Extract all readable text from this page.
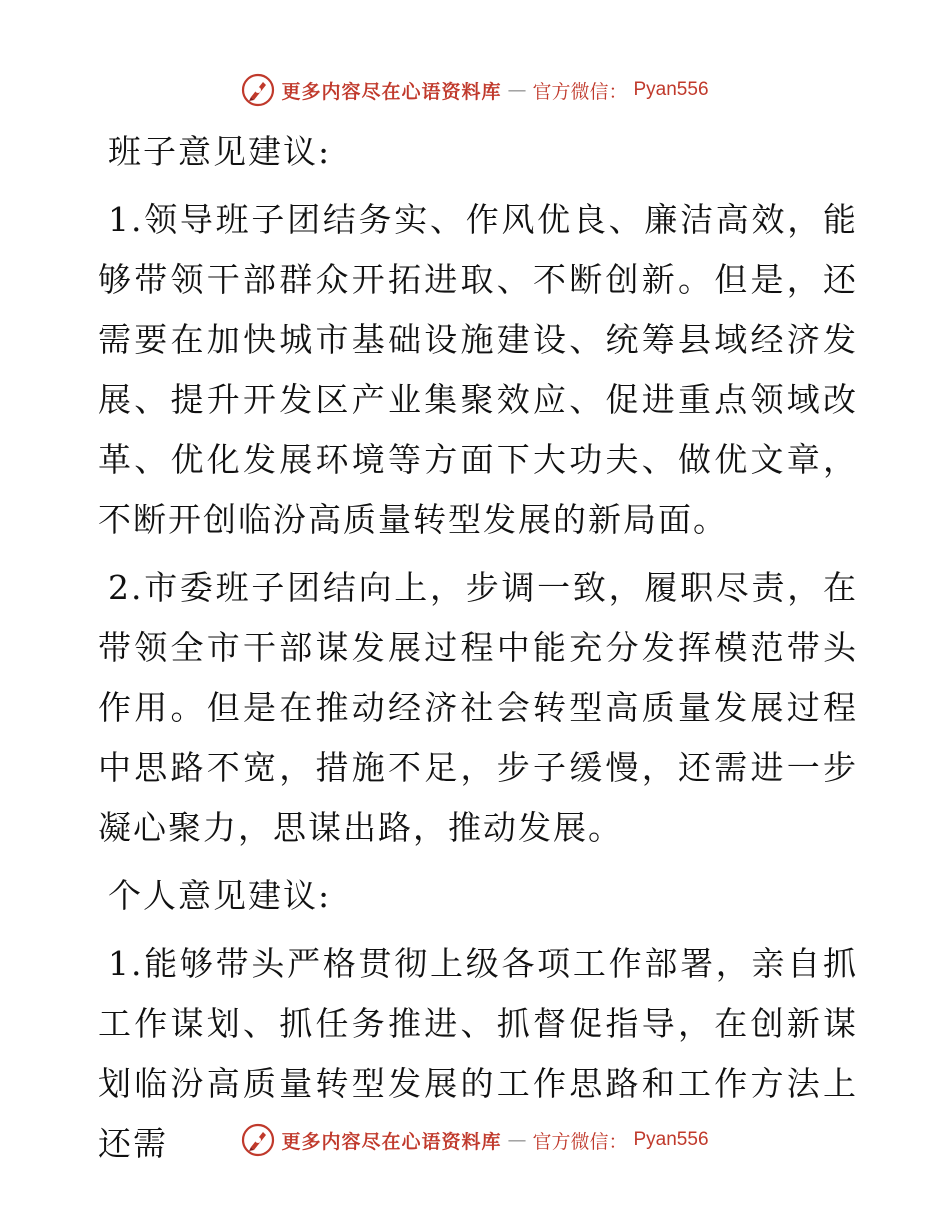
更多内容尽在心语资料库 — 官方微信： Pyan556

班子意见建议:

1.领导班子团结务实、作风优良、廉洁高效，能够带领干部群众开拓进取、不断创新。但是，还需要在加快城市基础设施建设、统筹县域经济发展、提升开发区产业集聚效应、促进重点领域改革、优化发展环境等方面下大功夫、做优文章，不断开创临汾高质量转型发展的新局面。

2.市委班子团结向上，步调一致，履职尽责，在带领全市干部谋发展过程中能充分发挥模范带头作用。但是在推动经济社会转型高质量发展过程中思路不宽，措施不足，步子缓慢，还需进一步凝心聚力，思谋出路，推动发展。

个人意见建议:

1.能够带头严格贯彻上级各项工作部署，亲自抓工作谋划、抓任务推进、抓督促指导，在创新谋划临汾高质量转型发展的工作思路和工作方法上还需	更多内容尽在心语资料库 — 官方微信： Pyan556
